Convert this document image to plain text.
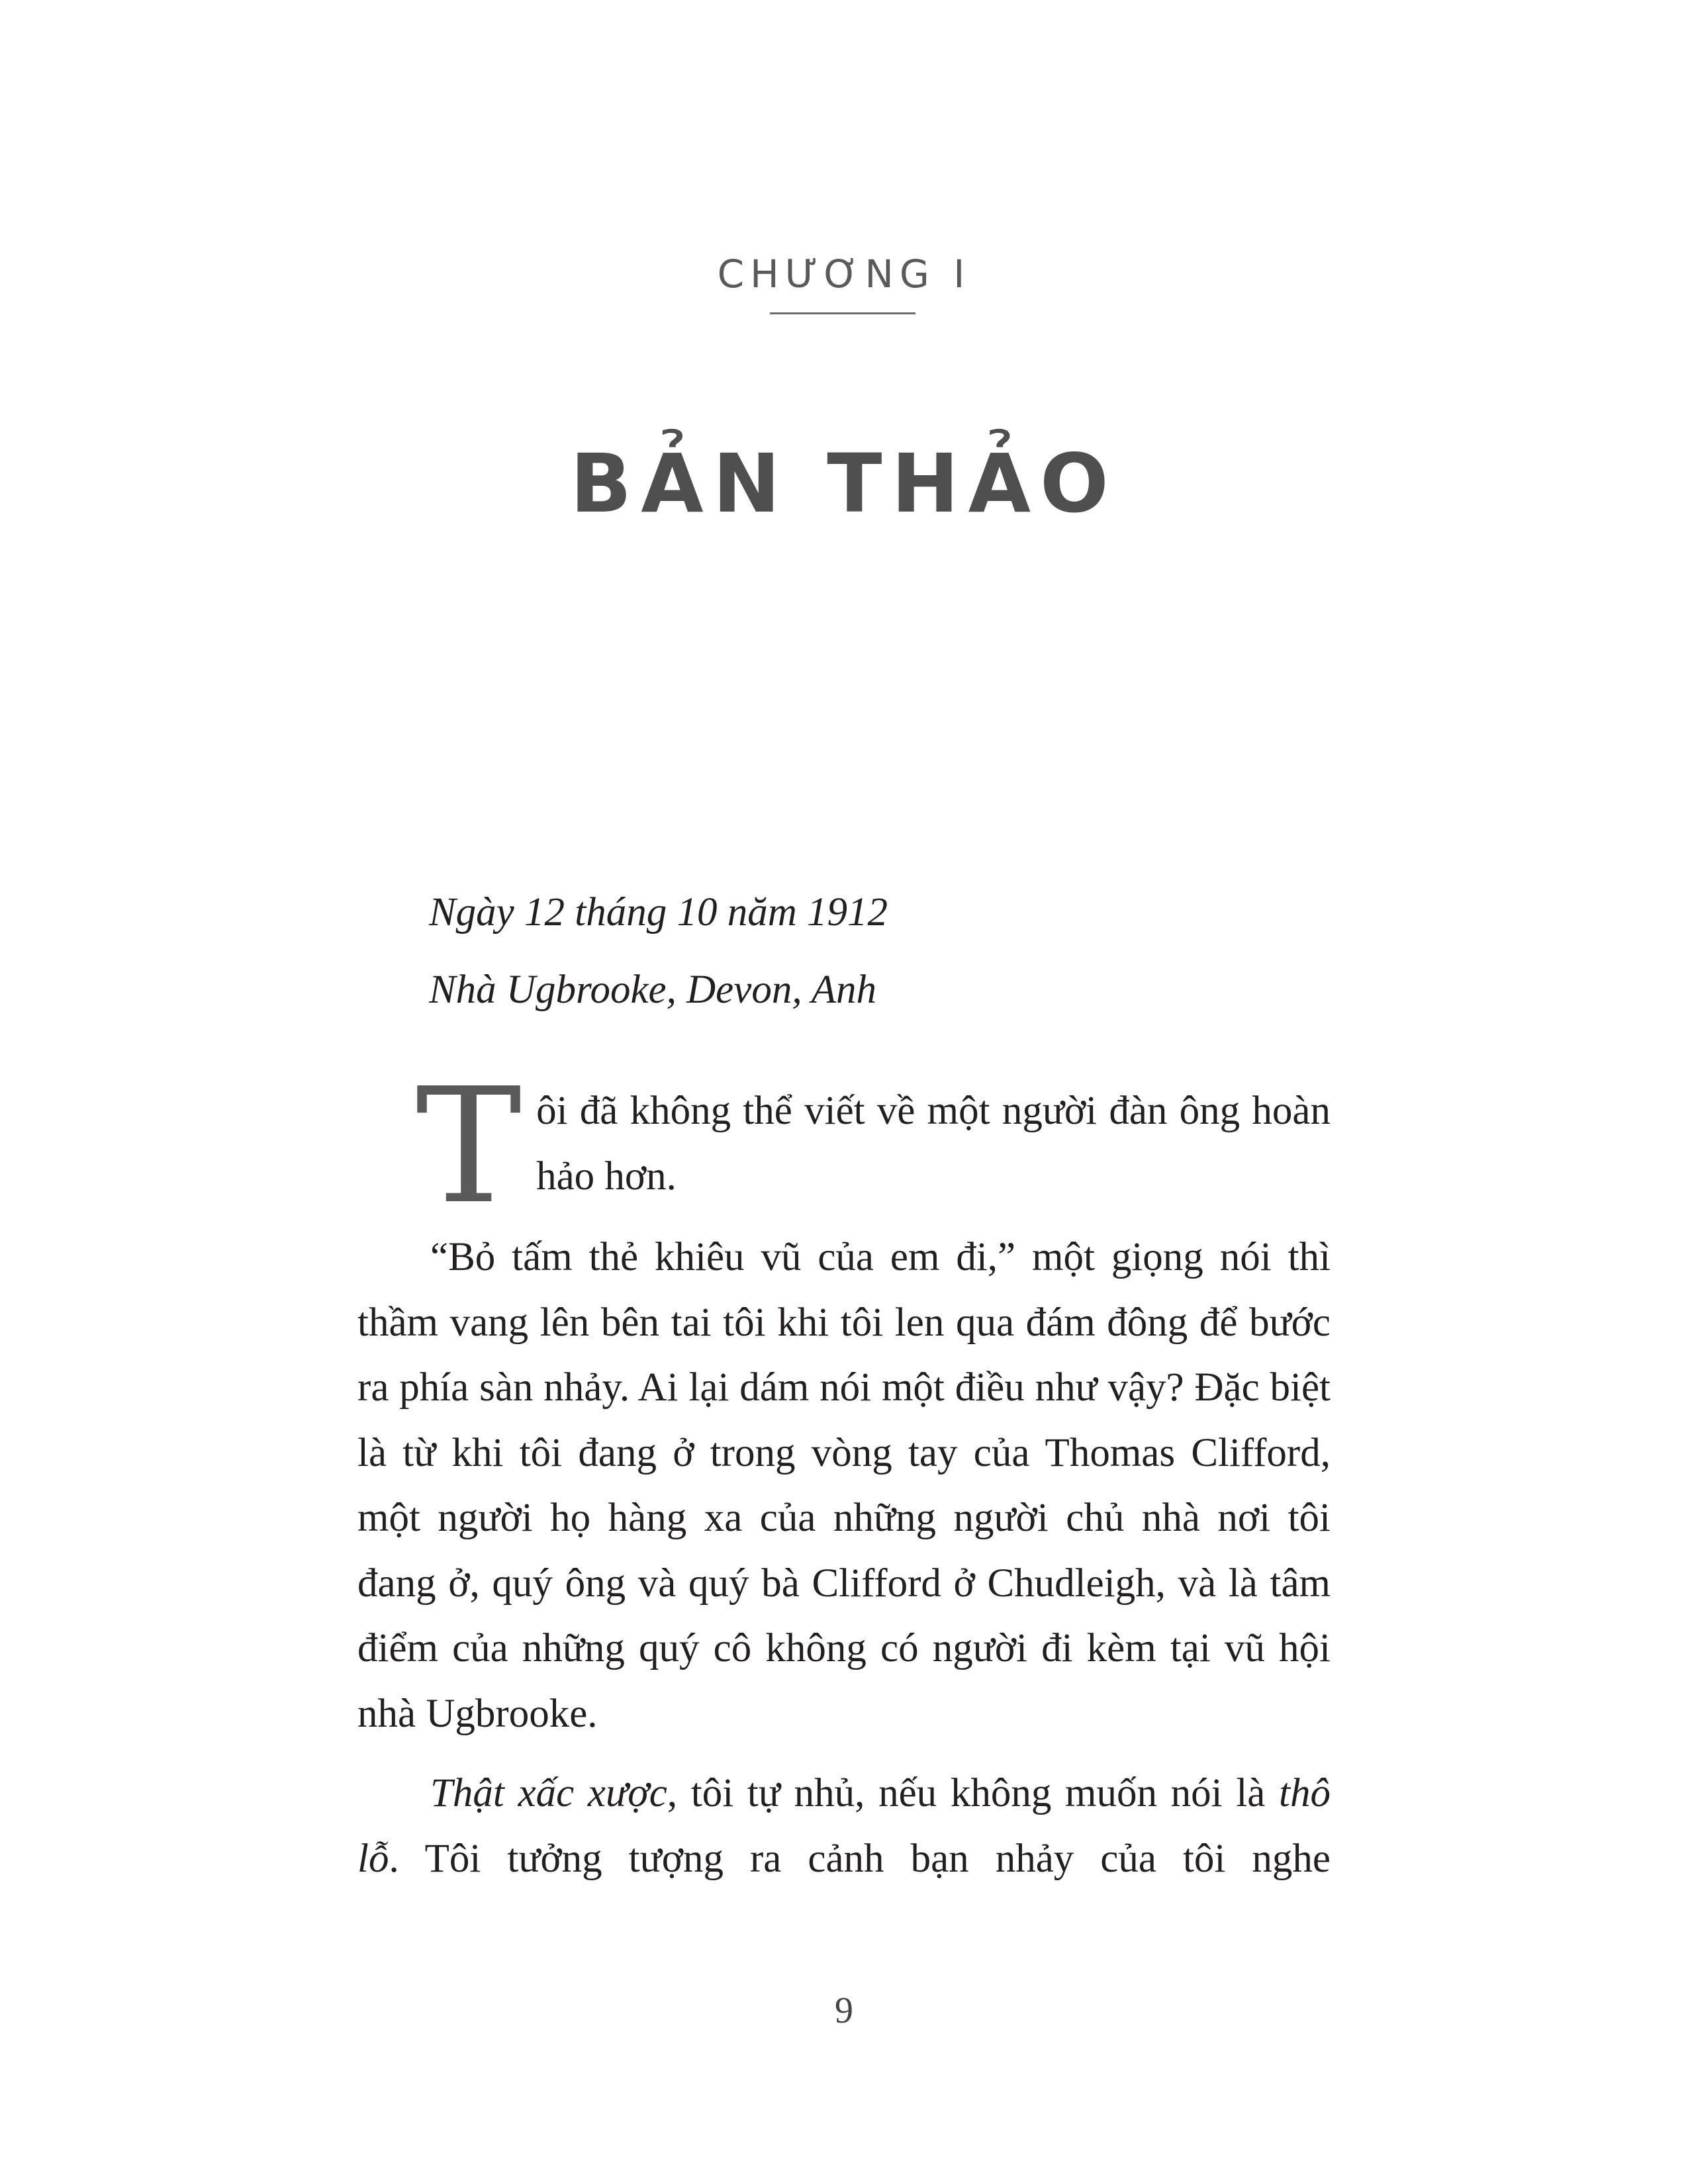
CHƯƠNG I
BẢN THẢO
Ngày 12 tháng 10 năm 1912
Nhà Ugbrooke, Devon, Anh
T ôi đã không thể viết về một người đàn ông hoàn hảo hơn.

“Bỏ tấm thẻ khiêu vũ của em đi,” một giọng nói thì thầm vang lên bên tai tôi khi tôi len qua đám đông để bước ra phía sàn nhảy. Ai lại dám nói một điều như vậy? Đặc biệt là từ khi tôi đang ở trong vòng tay của Thomas Clifford, một người họ hàng xa của những người chủ nhà nơi tôi đang ở, quý ông và quý bà Clifford ở Chudleigh, và là tâm điểm của những quý cô không có người đi kèm tại vũ hội nhà Ugbrooke.

Thật xấc xược, tôi tự nhủ, nếu không muốn nói là thô lỗ. Tôi tưởng tượng ra cảnh bạn nhảy của tôi nghe

9
